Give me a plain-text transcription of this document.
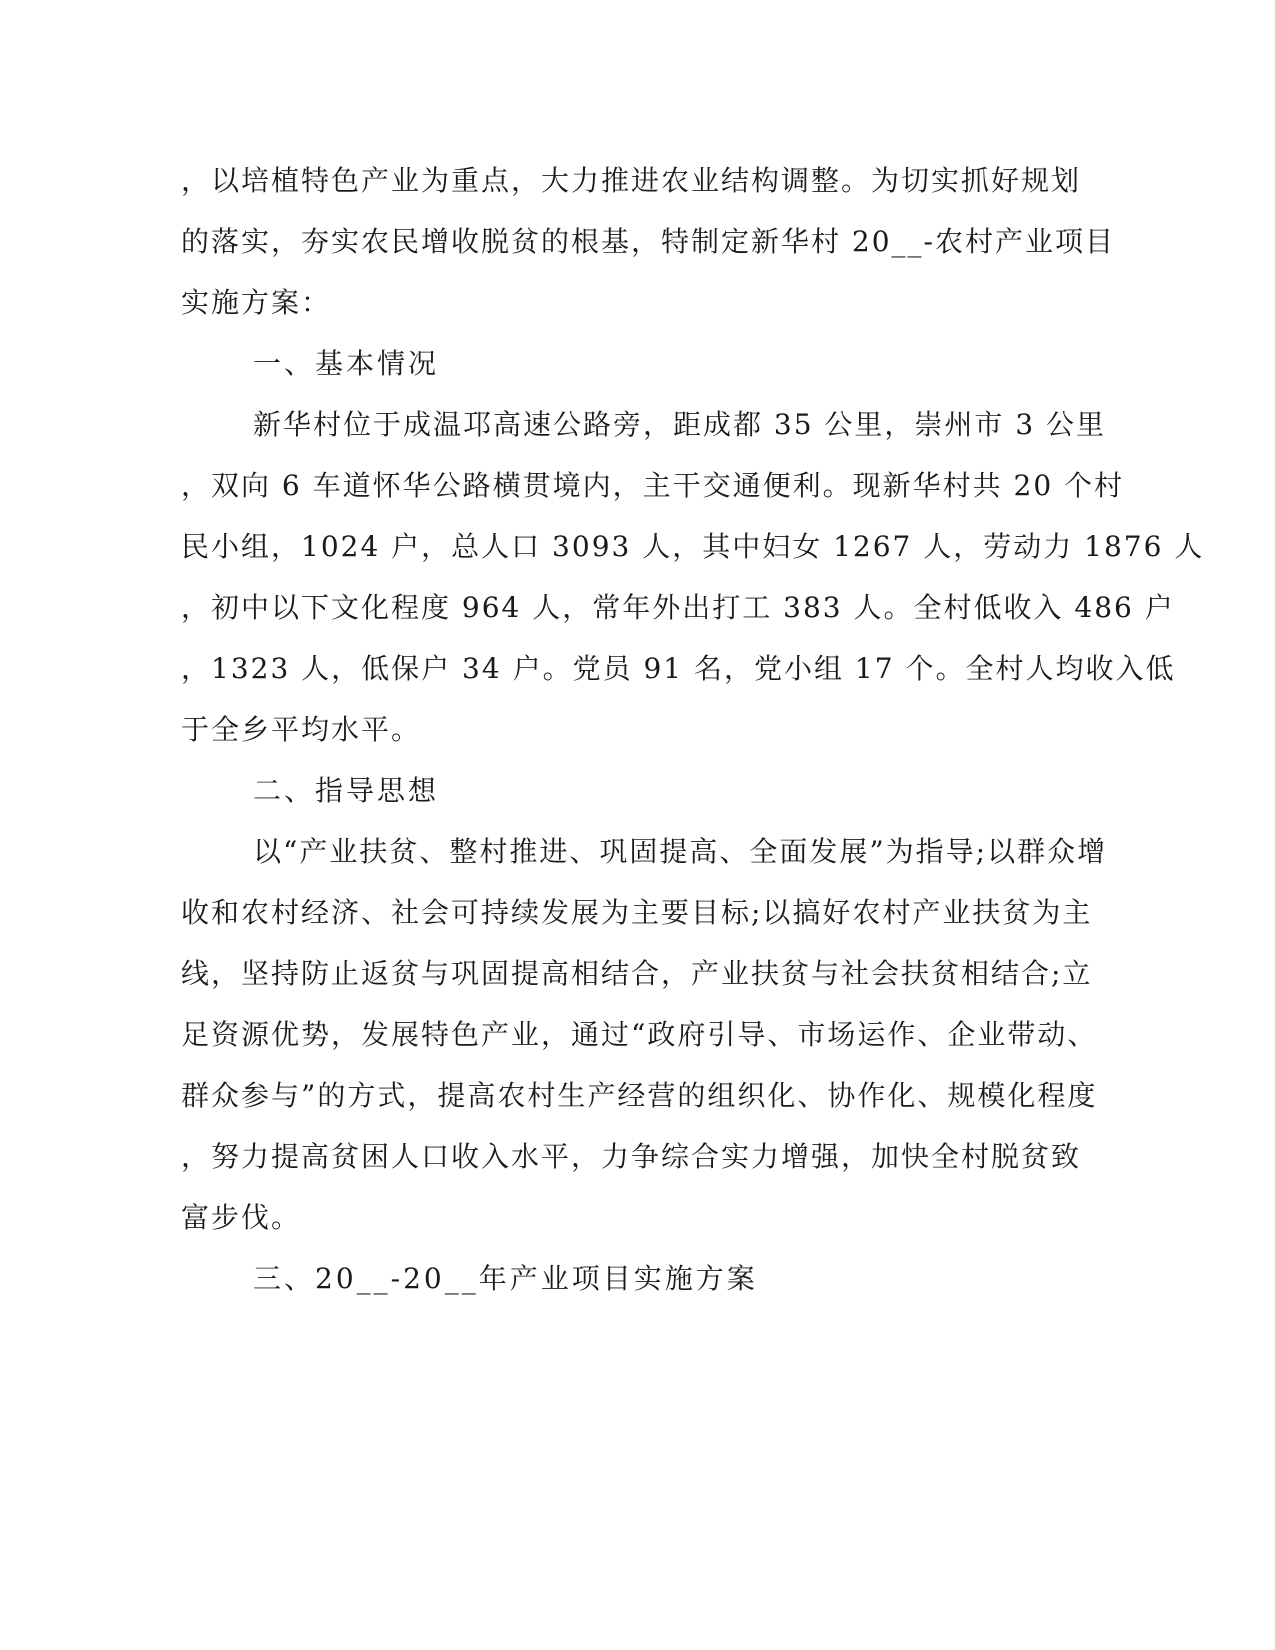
，以培植特色产业为重点，大力推进农业结构调整。为切实抓好规划
的落实，夯实农民增收脱贫的根基，特制定新华村 20__-农村产业项目
实施方案：
一、基本情况
新华村位于成温邛高速公路旁，距成都 35 公里，崇州市 3 公里
，双向 6 车道怀华公路横贯境内，主干交通便利。现新华村共 20 个村
民小组，1024 户，总人口 3093 人，其中妇女 1267 人，劳动力 1876 人
，初中以下文化程度 964 人，常年外出打工 383 人。全村低收入 486 户
，1323 人，低保户 34 户。党员 91 名，党小组 17 个。全村人均收入低
于全乡平均水平。
二、指导思想
以“产业扶贫、整村推进、巩固提高、全面发展”为指导;以群众增
收和农村经济、社会可持续发展为主要目标;以搞好农村产业扶贫为主
线，坚持防止返贫与巩固提高相结合，产业扶贫与社会扶贫相结合;立
足资源优势，发展特色产业，通过“政府引导、市场运作、企业带动、
群众参与”的方式，提高农村生产经营的组织化、协作化、规模化程度
，努力提高贫困人口收入水平，力争综合实力增强，加快全村脱贫致
富步伐。
三、20__-20__年产业项目实施方案
